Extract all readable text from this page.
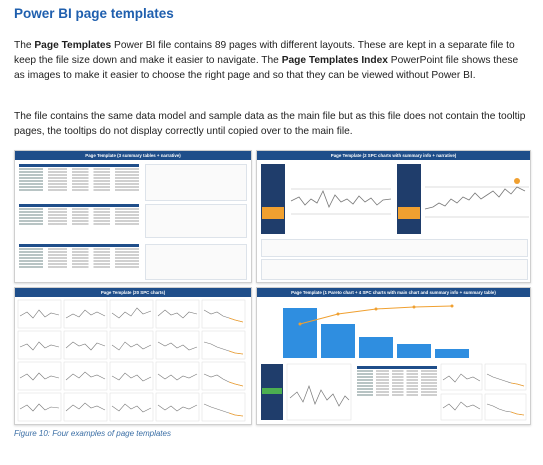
Power BI page templates
The Page Templates Power BI file contains 89 pages with different layouts. These are kept in a separate file to keep the file size down and make it easier to navigate. The Page Templates Index PowerPoint file shows these as images to make it easier to choose the right page and so that they can be viewed without Power BI.
The file contains the same data model and sample data as the main file but as this file does not contain the tooltip pages, the tooltips do not display correctly until copied over to the main file.
Page Template (3 summary tables + narrative)	Page Template (2 SPC charts with summary info + narrative)
Page Template (20 SPC charts)	Page Template (1 Pareto chart + 4 SPC charts with main chart and summary info + summary table)
Figure 10: Four examples of page templates
